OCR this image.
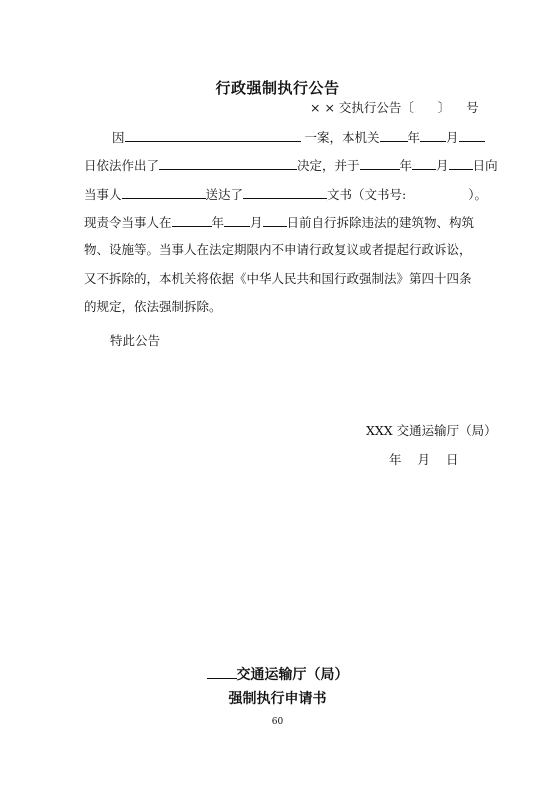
行政强制执行公告
× × 交执行公告〔      〕    号
因	一案，本机关 年 月
日依法作出了	决定，并于	年 月 日向
当事人	送达了	文书（文书号:	）。
现责令当事人在	年 月 日前自行拆除违法的建筑物、构筑
物、设施等。当事人在法定期限内不申请行政复议或者提起行政诉讼，
又不拆除的，本机关将依据《中华人民共和国行政强制法》第四十四条
的规定，依法强制拆除。
特此公告
XXX 交通运输厅（局）
年 月 日
交通运输厅（局）
强制执行申请书
60
